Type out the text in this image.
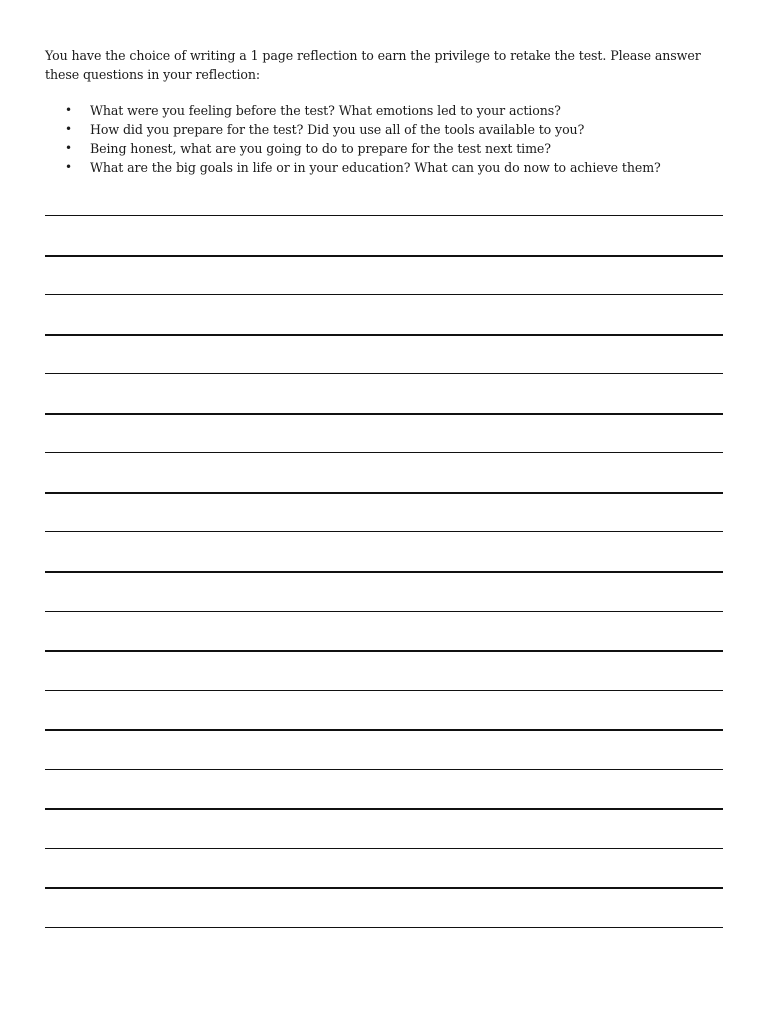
You have the choice of writing a 1 page reflection to earn the privilege to retake the test. Please answer these questions in your reflection:

• What were you feeling before the test? What emotions led to your actions?
• How did you prepare for the test? Did you use all of the tools available to you?
• Being honest, what are you going to do to prepare for the test next time?
• What are the big goals in life or in your education? What can you do now to achieve them?
